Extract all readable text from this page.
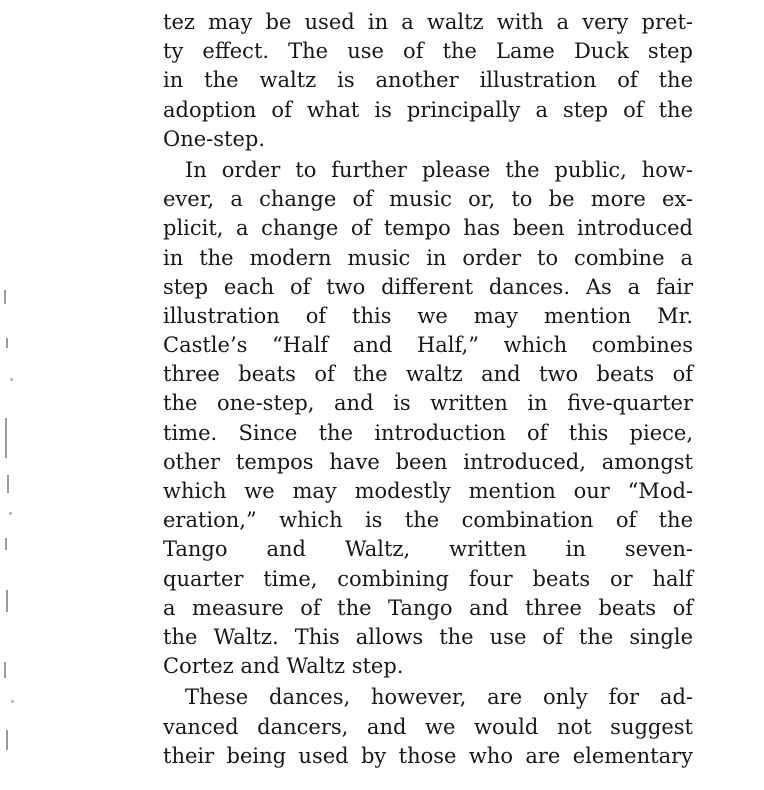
tez may be used in a waltz with a very pret-
ty effect. The use of the Lame Duck step
in the waltz is another illustration of the
adoption of what is principally a step of the
One-step.
In order to further please the public, how-
ever, a change of music or, to be more ex-
plicit, a change of tempo has been introduced
in the modern music in order to combine a
step each of two different dances. As a fair
illustration of this we may mention Mr.
Castle’s “Half and Half,” which combines
three beats of the waltz and two beats of
the one-step, and is written in five-quarter
time. Since the introduction of this piece,
other tempos have been introduced, amongst
which we may modestly mention our “Mod-
eration,” which is the combination of the
Tango and Waltz, written in seven-
quarter time, combining four beats or half
a measure of the Tango and three beats of
the Waltz. This allows the use of the single
Cortez and Waltz step.
These dances, however, are only for ad-
vanced dancers, and we would not suggest
their being used by those who are elementary
